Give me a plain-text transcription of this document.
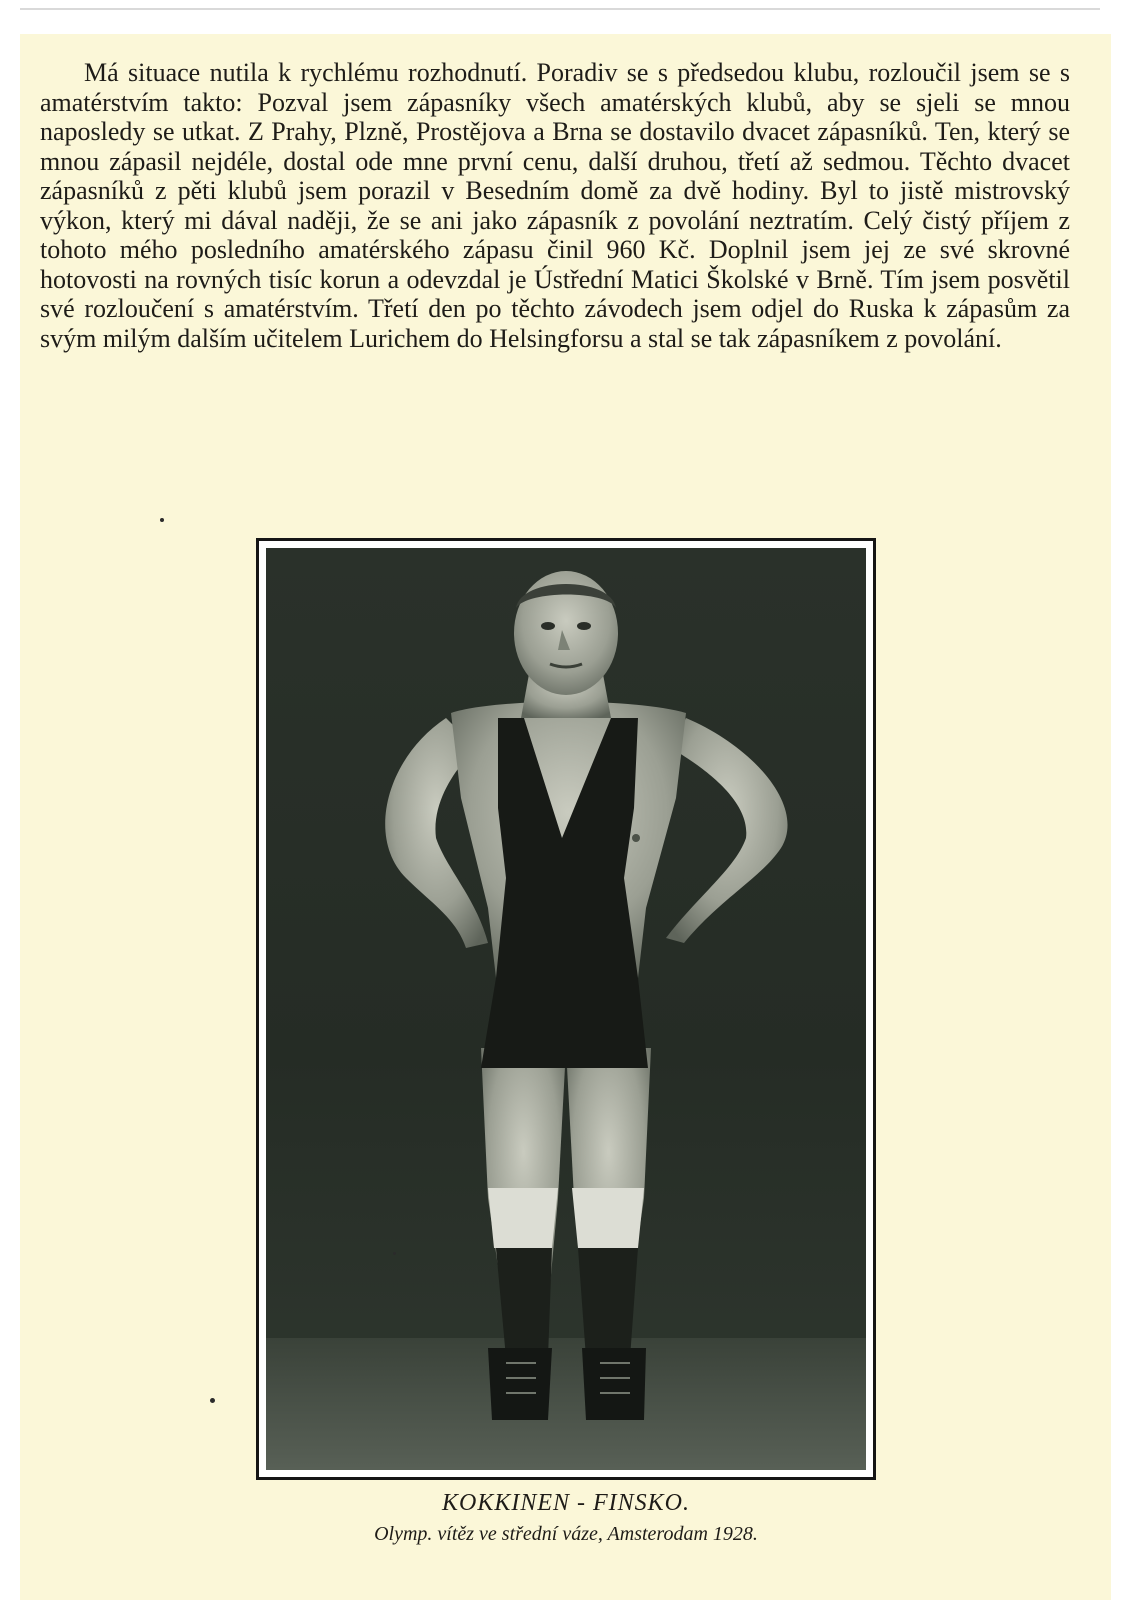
Má situace nutila k rychlému rozhodnutí. Poradiv se s předsedou klubu, rozloučil jsem se s amatérstvím takto: Pozval jsem zápasníky všech amatérských klubů, aby se sjeli se mnou naposledy se utkat. Z Prahy, Plzně, Prostějova a Brna se dostavilo dvacet zápasníků. Ten, který se mnou zápasil nejdéle, dostal ode mne první cenu, další druhou, třetí až sedmou. Těchto dvacet zápasníků z pěti klubů jsem porazil v Besedním domě za dvě hodiny. Byl to jistě mistrovský výkon, který mi dával naději, že se ani jako zápasník z povolání neztratím. Celý čistý příjem z tohoto mého posledního amatérského zápasu činil 960 Kč. Doplnil jsem jej ze své skrovné hotovosti na rovných tisíc korun a odevzdal je Ústřední Matici Školské v Brně. Tím jsem posvětil své rozloučení s amatérstvím. Třetí den po těchto závodech jsem odjel do Ruska k zápasům za svým milým dalším učitelem Lurichem do Helsingforsu a stal se tak zápasníkem z povolání.

KOKKINEN - FINSKO.

Olymp. vítěz ve střední váze, Amsterodam 1928.
